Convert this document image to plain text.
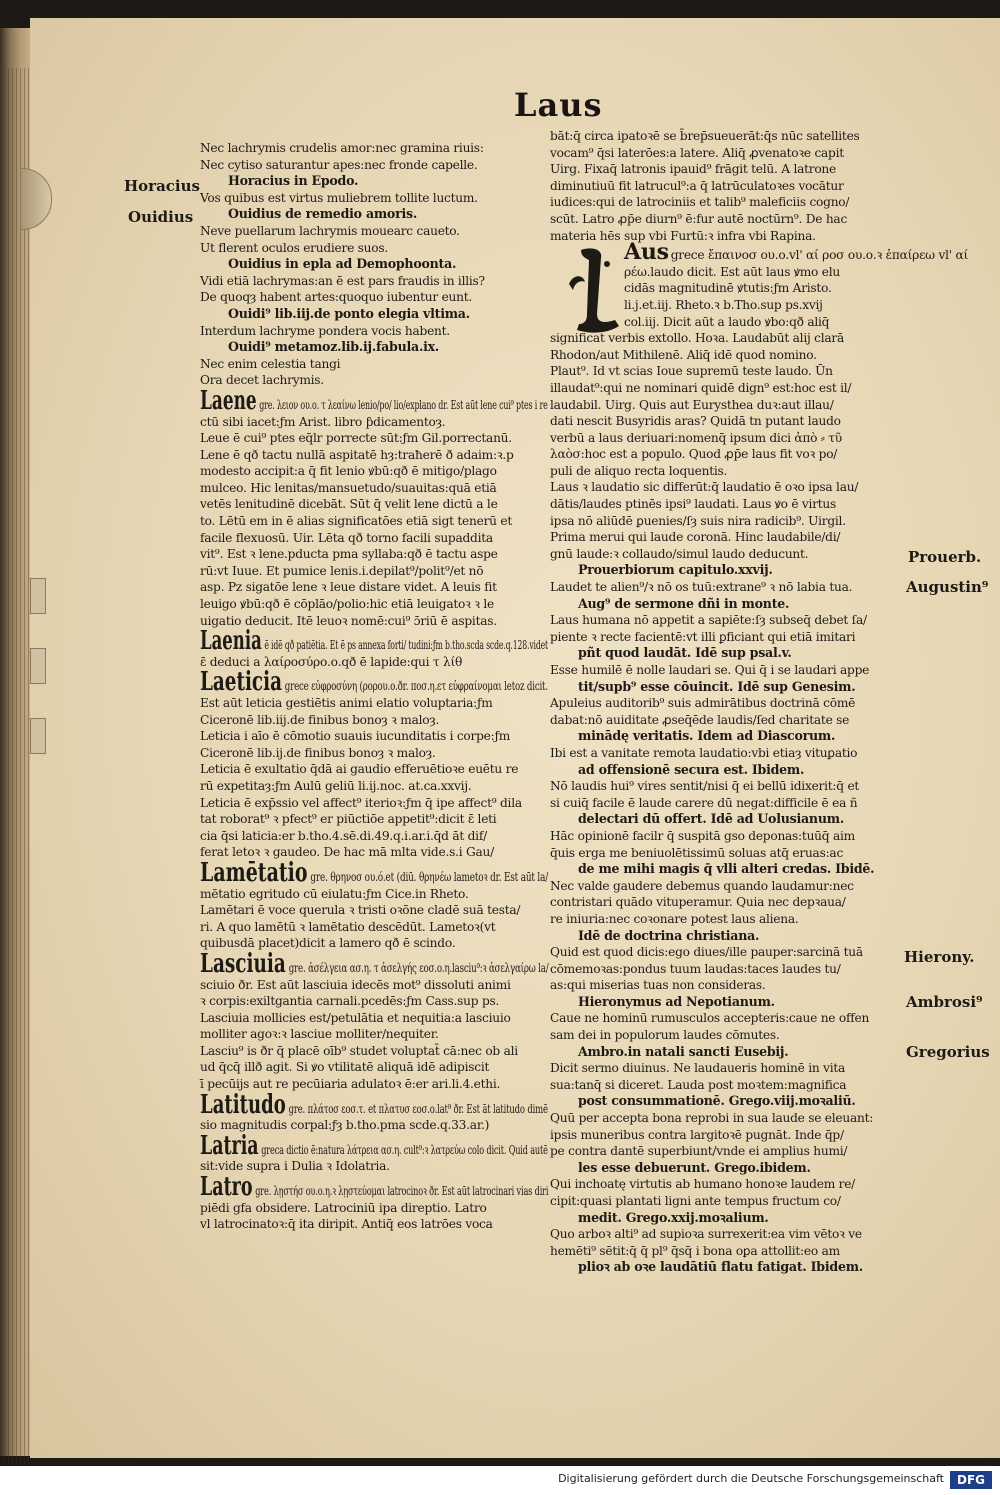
Laus
Horacius
Ouidius
Prouerb.
Augustin⁹
Hierony.
Ambrosi⁹
Gregorius
Nec lachrymis crudelis amor:nec gramina riuis:
Nec cytiso saturantur apes:nec fronde capelle.
Horacius in Epodo.
Vos quibus est virtus muliebrem tollite luctum.
Ouidius de remedio amoris.
Neve puellarum lachrymis mouearc caueto.
Ut flerent oculos erudiere suos.
Ouidius in epla ad Demophoonta.
Vidi etiā lachrymas:an ē est pars fraudis in illis?
De quoqȝ habent artes:quoquo iubentur eunt.
Ouidi⁹ lib.iij.de ponto elegia vltima.
Interdum lachryme pondera vocis habent.
Ouidi⁹ metamoz.lib.ij.fabula.ix.
Nec enim celestia tangi
Ora decet lachrymis.
Laene gre. λειον ου.ο. τ λεαίνω lenio/po/ lio/explano dr. Est aūt lene cui⁹ ptes i re
ctū sibi iacet:ƒm Arist. libro ƥdicamentoȝ.
Leue ē cui⁹ ptes eq̄lr porrecte sūt:ƒm Gil.porrectanū.
Lene ē qð tactu nullā aspitatē hȝ:traħerē ð adaim:ꝛ.p
modesto accipit:a q̄ fit lenio ꝟbū:qð ē mitigo/plago
mulceo. Hic lenitas/mansuetudo/suauitas:quā etiā
vetēs lenitudinē dicebāt. Sūt q̄ velit lene dictū a le
to. Lētū em in ē alias significatōes etiā sigt tenerū et
facile flexuosū. Uir. Lēta qð torno facili supaddita
vit⁹. Est ꝛ lene.pducta pma syllaba:qð ē tactu aspe
rū:vt Iuue. Et pumice lenis.i.depilat⁹/polit⁹/et nō
asp. Pz sigatōe lene ꝛ leue distare videt. A leuis fit
leuigo ꝟbū:qð ē cōplāo/polio:hic etiā leuigatoꝛ ꝛ le
uigatio deducit. Itē leuoꝛ nomē:cui⁹ ɔ̄riū ē aspitas.
Laenia ē idē qð patiētia. Et ē ps annexa forti/ tudini:ƒm b.tho.scda scde.q.128.videt
ɛ̄ deduci a λαίροσύρο.ο.qð ē lapide:qui τ λίθ
Laeticia grece εὐφροσύνη (ρορου.ο.ðr. ποσ.η.ετ εὐφραίνομαι letoz dicit.
Est aūt leticia gestiētis animi elatio voluptaria:ƒm
Ciceronē lib.iij.de finibus bonoȝ ꝛ maloȝ.
Leticia i aīo ē cōmotio suauis iucunditatis i corpe:ƒm
Ciceronē lib.ij.de finibus bonoȝ ꝛ maloȝ.
Leticia ē exultatio q̄dā ai gaudio efferuētioꝛe euētu re
rū expetitaȝ:ƒm Aulū geliū li.ij.noc. at.ca.xxvij.
Leticia ē exp̄ssio vel affect⁹ iterioꝛ:ƒm q̄ ipe affect⁹ dila
tat roborat⁹ ꝛ pfect⁹ er piūctiōe appetit⁹:dicit ɛ̄ leti
cia q̄si laticia:er b.tho.4.sē.di.49.q.i.ar.i.q̄d āt dif/
ferat letoꝛ ꝛ gaudeo. De hac mā mlta vide.s.i Gau/
Lamētatio gre. θρηνοσ ου.ό.et (diū. θρηνέω lametoꝛ dr. Est aūt la/
mētatio egritudo cū eiulatu:ƒm Cice.in Rheto.
Lamētari ē voce querula ꝛ tristi oꝛōne cladē suā testa/
ri. A quo lamētū ꝛ lamētatio descēdūt. Lametoꝛ(vt
quibusdā placet)dicit a lamero qð ē scindo.
Lasciuia gre. ἀσέλγεια ασ.η. τ ἀσελγής εοσ.ο.η.lasciu⁹:ꝛ ἀσελγαίρω la/
sciuio ðr. Est aūt lasciuia idecēs mot⁹ dissoluti animi
ꝛ corpis:exiltgantia carnali.pcedēs:ƒm Cass.sup ps.
Lasciuia mollicies est/petulātia et nequitia:a lasciuio
molliter agoꝛ:ꝛ lasciue molliter/nequiter.
Lasciu⁹ is ðr q̄ placē oīb⁹ studet voluptat̄ cā:nec ob ali
ud q̄cq̄ illð agit. Si ꝟo vtilitatē aliquā idē adipiscit
ī pecūijs aut re pecūiaria adulatoꝛ ē:er ari.li.4.ethi.
Latitudo gre. πλάτοσ εοσ.τ. et πλατυσ εοσ.ο.lat⁹ ðr. Est āt latitudo dimē
sio magnitudis corpal:ƒȝ b.tho.pma scde.q.33.ar.)
Latria greca dictio ē:natura λάτρεια ασ.η. cult⁹:ꝛ λατρεύω colo dicit. Quid autē
sit:vide supra i Dulia ꝛ Idolatria.
Latro gre. λῃστήσ ου.ο.η.ꝛ λῃστεύομαι latrocinoꝛ ðr. Est aūt latrocinari vias diri
piēdi gfa obsidere. Latrociniū ipa direptio. Latro
vl latrocinatoꝛ:q̄ ita diripit. Antiq̄ eos latrōes voca
bāt:q̄ circa ipatoꝛē se b̄rep̄sueuerāt:q̄s nūc satellites
vocam⁹ q̄si laterōes:a latere. Aliq̄ ꝓvenatoꝛe capit
Uirg. Fixaq̄ latronis ipauid⁹ frāgit telū. A latrone
diminutiuū fit latrucul⁹:a q̄ latrūculatoꝛes vocātur
iudices:qui de latrociniis et talib⁹ maleficiis cogno/
scūt. Latro ꝓp̄e diurn⁹ ē:fur autē noctūrn⁹. De hac
materia hēs sup vbi Furtū:ꝛ infra vbi Rapina.
Aus grece ἔπαινοσ ου.ο.vl' αί ροσ ου.ο.ꝛ ἐπαίρεω vl' αί
ρέω.laudo dicit. Est aūt laus ꝟmo elu
cidās magnitudinē ꝟtutis:ƒm Aristo.
li.j.et.iij. Rheto.ꝛ b.Tho.sup ps.xvij
col.iij. Dicit aūt a laudo ꝟbo:qð aliq̄
significat verbis extollo. Hoꝛa. Laudabūt alij clarā
Rhodon/aut Mithilenē. Aliq̄ idē quod nomino.
Plaut⁹. Id vt scias Ioue supremū teste laudo. Ūn
illaudat⁹:qui ne nominari quidē dign⁹ est:hoc est il/
laudabil. Uirg. Quis aut Eurysthea duꝛ:aut illau/
dati nescit Busyridis aras? Quidā tn putant laudo
verbū a laus deriuari:nomenq̄ ipsum dici ἀπὸ ⸗ τῦ
λαὸσ:hoc est a populo. Quod ꝓp̄e laus fit voꝛ po/
puli de aliquo recta loquentis.
Laus ꝛ laudatio sic differūt:q̄ laudatio ē oꝛo ipsa lau/
dātis/laudes ptinēs ipsi⁹ laudati. Laus ꝟo ē virtus
ipsa nō aliūdē ꝑuenies/ſȝ suis nira radicib⁹. Uirgil.
Prima merui qui laude coronā. Hinc laudabile/di/
gnū laude:ꝛ collaudo/simul laudo deducunt.
Prouerbiorum capitulo.xxvij.
Laudet te alien⁹/ꝛ nō os tuū:extrane⁹ ꝛ nō labia tua.
Aug⁹ de sermone dñi in monte.
Laus humana nō appetit a sapiēte:ſȝ subseq̄ debet ſa/
piente ꝛ recte facientē:vt illi ꝑficiant qui etiā imitari
pñt quod laudāt. Idē sup psal.v.
Esse humilē ē nolle laudari se. Qui q̄ i se laudari appe
tit/supb⁹ esse cōuincit. Idē sup Genesim.
Apuleius auditorib⁹ suis admirātibus doctrinā cōmē
dabat:nō auiditate ꝓseq̄ēde laudis/ſed charitate se
minādę veritatis. Idem ad Diascorum.
Ibi est a vanitate remota laudatio:vbi etiaȝ vituꝑatio
ad offensionē secura est. Ibidem.
Nō laudis hui⁹ vires sentit/nisi q̄ ei bellū idixerit:q̄ et
si cuiq̄ facile ē laude carere dū negat:difficile ē ea ñ
delectari dū offert. Idē ad Uolusianum.
Hāc opinionē facilr q̄ suspitā gso deponas:tuūq̄ aim
q̄uis erga me beniuolētissimū soluas atq̄ eruas:ac
de me mihi magis q̄ vlli alteri credas. Ibidē.
Nec valde gaudere debemus quando laudamur:nec
contristari quādo vituperamur. Quia nec depꝛaua/
re iniuria:nec coꝛonare potest laus aliena.
Idē de doctrina christiana.
Quid est quod dicis:ego diues/ille pauper:sarcinā tuā
cōmemoꝛas:pondus tuum laudas:taces laudes tu/
as:qui miserias tuas non consideras.
Hieronymus ad Nepotianum.
Caue ne hominū rumusculos accepteris:caue ne offen
sam dei in populorum laudes cōmutes.
Ambro.in natali sancti Eusebij.
Dicit sermo diuinus. Ne laudaueris hominē in vita
sua:tanq̄ si diceret. Lauda post moꝛtem:magnifica
post consummationē. Grego.viij.moꝛaliū.
Quū per accepta bona reprobi in sua laude se eleuant:
ipsis muneribus contra largitoꝛē pugnāt. Inde q̄p/
pe contra dantē superbiunt/vnde ei amplius humi/
les esse debuerunt. Grego.ibidem.
Qui inchoatę virtutis ab humano honoꝛe laudem re/
cipit:quasi plantati ligni ante tempus fructum co/
medit. Grego.xxij.moꝛalium.
Quo arboꝛ alti⁹ ad supioꝛa surrexerit:ea vim vētoꝛ ve
hemēti⁹ sētit:q̄ q̄ pl⁹ q̄sq̄ i bona oꝑa attollit:eo am
plioꝛ ab oꝛe laudātiū flatu fatigat. Ibidem.
Digitalisierung gefördert durch die Deutsche Forschungsgemeinschaft	DFG
